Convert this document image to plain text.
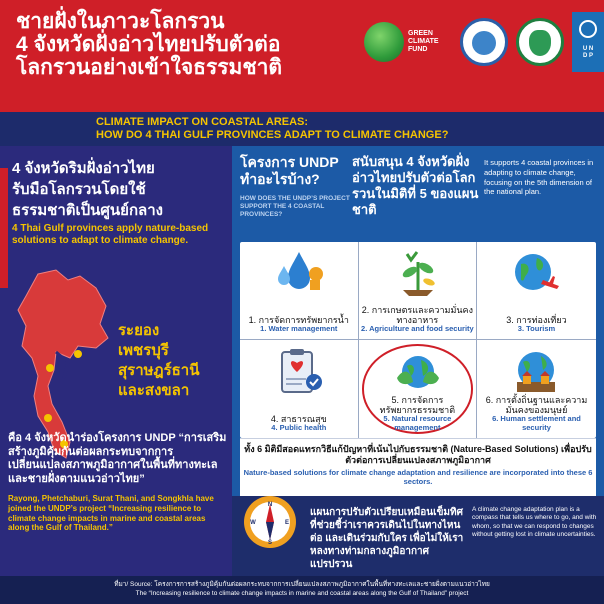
ชายฝั่งในภาวะโลกรวน
4 จังหวัดฝั่งอ่าวไทยปรับตัวต่อ
โลกรวนอย่างเข้าใจธรรมชาติ
GREEN
CLIMATE
FUND	U N
D P
CLIMATE IMPACT ON COASTAL AREAS:
HOW DO 4 THAI GULF PROVINCES ADAPT TO CLIMATE CHANGE?
4 จังหวัดริมฝั่งอ่าวไทย
รับมือโลกรวนโดยใช้
ธรรมชาติเป็นศูนย์กลาง
4 Thai Gulf provinces apply nature-based solutions to adapt to climate change.
ระยอง
เพชรบุรี
สุราษฎร์ธานี
และสงขลา
คือ 4 จังหวัดนำร่องโครงการ UNDP “การเสริมสร้างภูมิคุ้มกันต่อผลกระทบจากการเปลี่ยนแปลงสภาพภูมิอากาศในพื้นที่ทางทะเลและชายฝั่งตามแนวอ่าวไทย”
Rayong, Phetchaburi, Surat Thani, and Songkhla have joined the UNDP’s project “Increasing resilience to climate change impacts in marine and coastal areas along the Gulf of Thailand.”
โครงการ UNDP
ทำอะไรบ้าง?
HOW DOES THE UNDP’S PROJECT SUPPORT THE 4 COASTAL PROVINCES?
สนับสนุน 4 จังหวัดฝั่งอ่าวไทยปรับตัวต่อโลกรวนในมิติที่ 5 ของแผนชาติ
It supports 4 coastal provinces in adapting to climate change, focusing on the 5th dimension of the national plan.
1. การจัดการทรัพยากรน้ำ
1. Water management
2. การเกษตรและความมั่นคงทางอาหาร
2. Agriculture and food security
3. การท่องเที่ยว
3. Tourism
4. สาธารณสุข
4. Public health
5. การจัดการทรัพยากรธรรมชาติ
5. Natural resource management
6. การตั้งถิ่นฐานและความมั่นคงของมนุษย์
6. Human settlement and security
ทั้ง 6 มิติมีสอดแทรกวิธีแก้ปัญหาที่เน้นไปกับธรรมชาติ (Nature-Based Solutions) เพื่อปรับตัวต่อการเปลี่ยนแปลงสภาพภูมิอากาศ
Nature-based solutions for climate change adaptation and resilience are incorporated into these 6 sectors.
N
S
E
W
แผนการปรับตัวเปรียบเหมือนเข็มทิศ ที่ช่วยชี้ว่าเราควรเดินไปในทางไหนต่อ และเดินร่วมกับใคร เพื่อไม่ให้เราหลงทางท่ามกลางภูมิอากาศแปรปรวน
A climate change adaptation plan is a compass that tells us where to go, and with whom, so that we can respond to changes without getting lost in climate uncertainties.
ที่มา/ Source: โครงการการสร้างภูมิคุ้มกันต่อผลกระทบจากการเปลี่ยนแปลงสภาพภูมิอากาศในพื้นที่ทางทะเลและชายฝั่งตามแนวอ่าวไทย
The “Increasing resilience to climate change impacts in marine and coastal areas along the Gulf of Thailand” project
